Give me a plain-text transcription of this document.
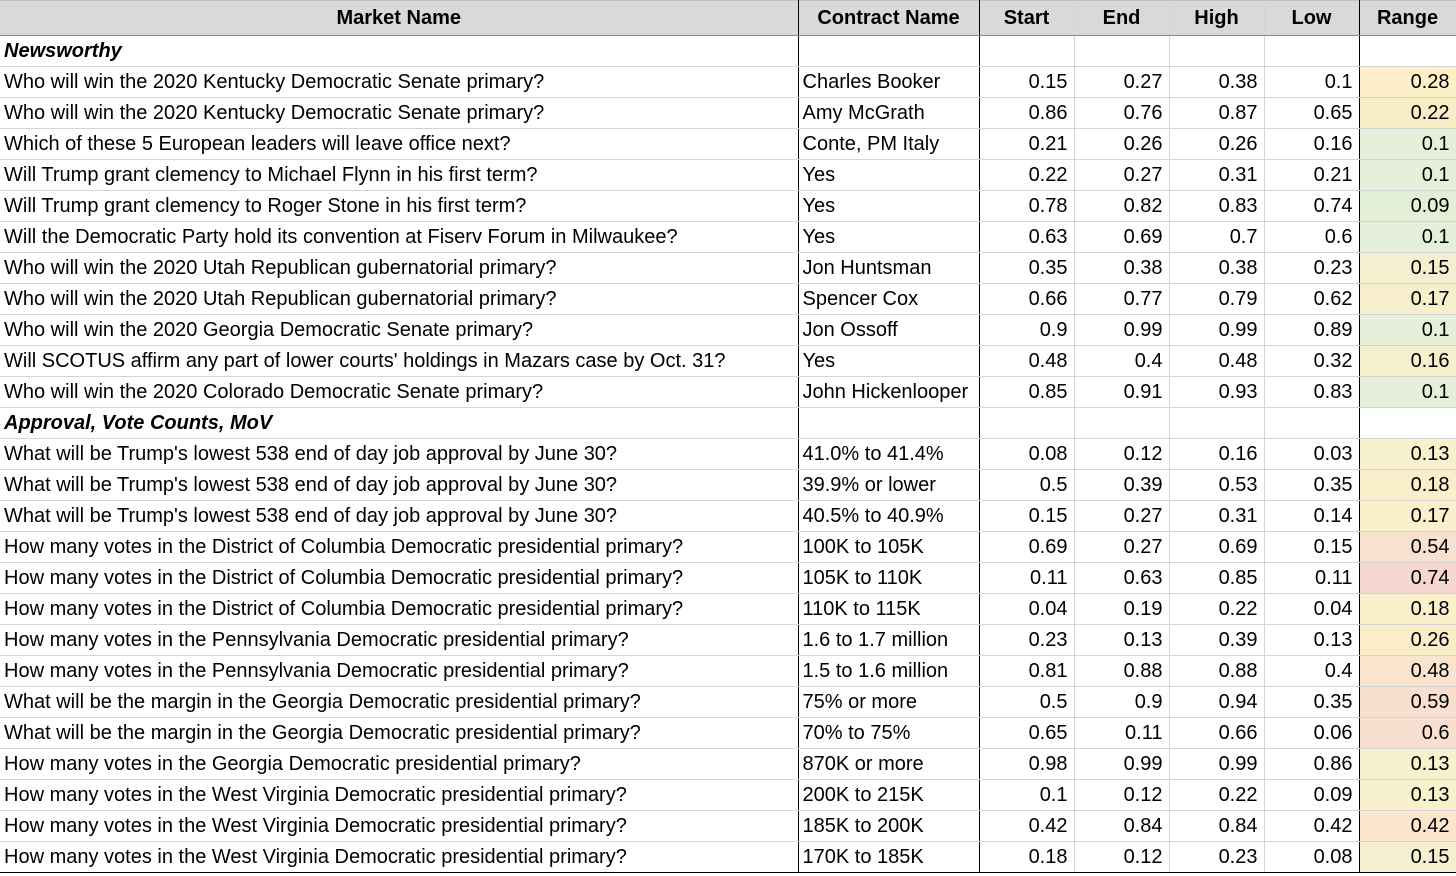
Market Name	Contract Name	Start	End	High	Low	Range
Newsworthy						
Who will win the 2020 Kentucky Democratic Senate primary?	Charles Booker	0.15	0.27	0.38	0.1	0.28
Who will win the 2020 Kentucky Democratic Senate primary?	Amy McGrath	0.86	0.76	0.87	0.65	0.22
Which of these 5 European leaders will leave office next?	Conte, PM Italy	0.21	0.26	0.26	0.16	0.1
Will Trump grant clemency to Michael Flynn in his first term?	Yes	0.22	0.27	0.31	0.21	0.1
Will Trump grant clemency to Roger Stone in his first term?	Yes	0.78	0.82	0.83	0.74	0.09
Will the Democratic Party hold its convention at Fiserv Forum in Milwaukee?	Yes	0.63	0.69	0.7	0.6	0.1
Who will win the 2020 Utah Republican gubernatorial primary?	Jon Huntsman	0.35	0.38	0.38	0.23	0.15
Who will win the 2020 Utah Republican gubernatorial primary?	Spencer Cox	0.66	0.77	0.79	0.62	0.17
Who will win the 2020 Georgia Democratic Senate primary?	Jon Ossoff	0.9	0.99	0.99	0.89	0.1
Will SCOTUS affirm any part of lower courts' holdings in Mazars case by Oct. 31?	Yes	0.48	0.4	0.48	0.32	0.16
Who will win the 2020 Colorado Democratic Senate primary?	John Hickenlooper	0.85	0.91	0.93	0.83	0.1
Approval, Vote Counts, MoV						
What will be Trump's lowest 538 end of day job approval by June 30?	41.0% to 41.4%	0.08	0.12	0.16	0.03	0.13
What will be Trump's lowest 538 end of day job approval by June 30?	39.9% or lower	0.5	0.39	0.53	0.35	0.18
What will be Trump's lowest 538 end of day job approval by June 30?	40.5% to 40.9%	0.15	0.27	0.31	0.14	0.17
How many votes in the District of Columbia Democratic presidential primary?	100K to 105K	0.69	0.27	0.69	0.15	0.54
How many votes in the District of Columbia Democratic presidential primary?	105K to 110K	0.11	0.63	0.85	0.11	0.74
How many votes in the District of Columbia Democratic presidential primary?	110K to 115K	0.04	0.19	0.22	0.04	0.18
How many votes in the Pennsylvania Democratic presidential primary?	1.6 to 1.7 million	0.23	0.13	0.39	0.13	0.26
How many votes in the Pennsylvania Democratic presidential primary?	1.5 to 1.6 million	0.81	0.88	0.88	0.4	0.48
What will be the margin in the Georgia Democratic presidential primary?	75% or more	0.5	0.9	0.94	0.35	0.59
What will be the margin in the Georgia Democratic presidential primary?	70% to 75%	0.65	0.11	0.66	0.06	0.6
How many votes in the Georgia Democratic presidential primary?	870K or more	0.98	0.99	0.99	0.86	0.13
How many votes in the West Virginia Democratic presidential primary?	200K to 215K	0.1	0.12	0.22	0.09	0.13
How many votes in the West Virginia Democratic presidential primary?	185K to 200K	0.42	0.84	0.84	0.42	0.42
How many votes in the West Virginia Democratic presidential primary?	170K to 185K	0.18	0.12	0.23	0.08	0.15
